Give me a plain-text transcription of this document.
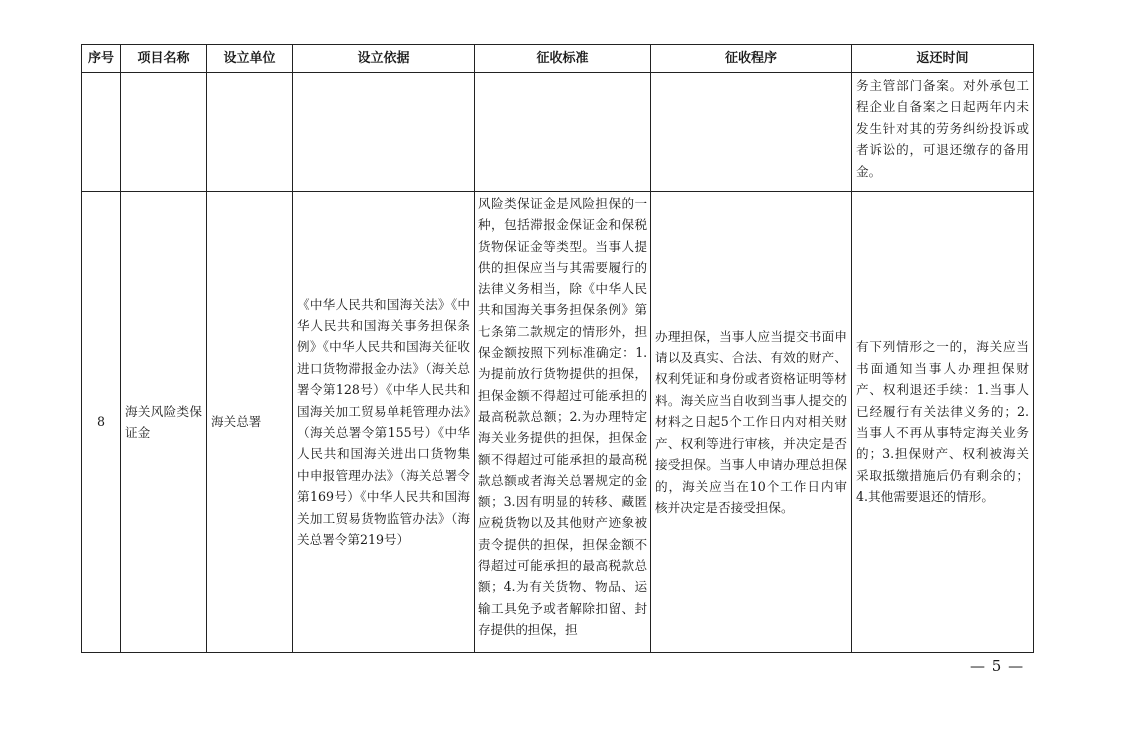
序号	项目名称	设立单位	设立依据	征收标准	征收程序	返还时间
						务主管部门备案。对外承包工程企业自备案之日起两年内未发生针对其的劳务纠纷投诉或者诉讼的，可退还缴存的备用金。
8	海关风险类保证金	海关总署	《中华人民共和国海关法》《中华人民共和国海关事务担保条例》《中华人民共和国海关征收进口货物滞报金办法》（海关总署令第128号）《中华人民共和国海关加工贸易单耗管理办法》（海关总署令第155号）《中华人民共和国海关进出口货物集中申报管理办法》（海关总署令第169号）《中华人民共和国海关加工贸易货物监管办法》（海关总署令第219号）	风险类保证金是风险担保的一种，包括滞报金保证金和保税货物保证金等类型。当事人提供的担保应当与其需要履行的法律义务相当，除《中华人民共和国海关事务担保条例》第七条第二款规定的情形外，担保金额按照下列标准确定：1.为提前放行货物提供的担保，担保金额不得超过可能承担的最高税款总额；2.为办理特定海关业务提供的担保，担保金额不得超过可能承担的最高税款总额或者海关总署规定的金额；3.因有明显的转移、藏匿应税货物以及其他财产迹象被责令提供的担保，担保金额不得超过可能承担的最高税款总额；4.为有关货物、物品、运输工具免予或者解除扣留、封存提供的担保，担	办理担保，当事人应当提交书面申请以及真实、合法、有效的财产、权利凭证和身份或者资格证明等材料。海关应当自收到当事人提交的材料之日起5个工作日内对相关财产、权利等进行审核，并决定是否接受担保。当事人申请办理总担保的，海关应当在10个工作日内审核并决定是否接受担保。	有下列情形之一的，海关应当书面通知当事人办理担保财产、权利退还手续：1.当事人已经履行有关法律义务的；2.当事人不再从事特定海关业务的；3.担保财产、权利被海关采取抵缴措施后仍有剩余的；4.其他需要退还的情形。
— 5 —
